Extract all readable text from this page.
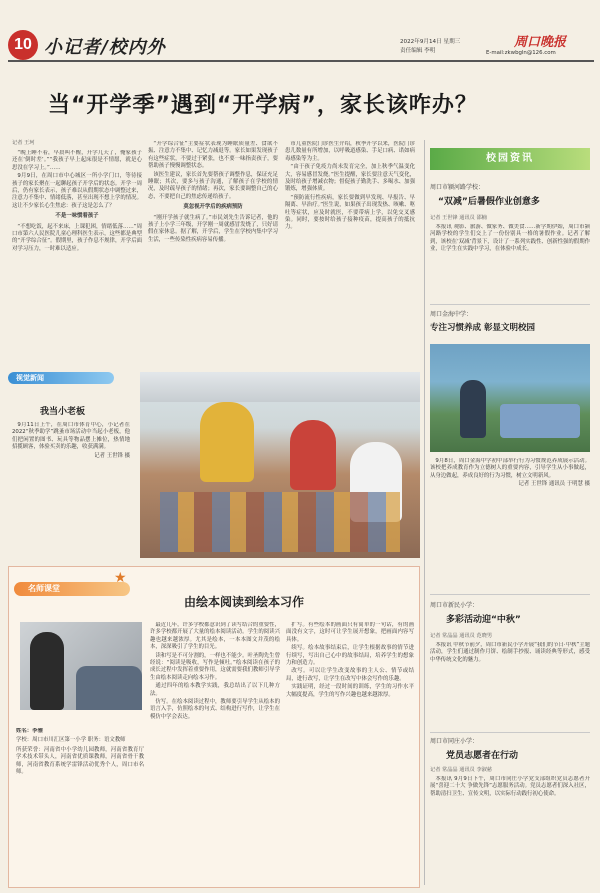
10 小记者/校内外	2022年9月14日 星期三
责任编辑 李明
周口晚报
E-mail:zkwbgln@126.com
当“开学季”遇到“开学病”，家长该咋办？
记者 王珂

“晚上睡不着，早晨叫不醒，开学几天了，俺家孩子还在‘倒时差’。”“我孩子早上起床很是不情愿，就是心思没在学习上。”……

9月9日，在周口市中心城区一所小学门口，等待接孩子的家长聚在一起聊起孩子开学后的状态。开学一周后，仍有家长表示，孩子难以从假期状态中调整过来，注意力不集中、情绪低落，甚至出现不想上学的情况。这让不少家长心生焦虑：孩子这是怎么了？

不是一味惯着孩子

“不想吃饭，起不来床，上课犯困，情绪低落……”周口市第六人民医院儿童心理科医生表示，这些都是典型的“开学综合征”。假期里，孩子作息不规律，开学后面对学习压力，一时难以适应。

“开学综合征”主要症状表现为睡眠质量差、食欲不振、注意力不集中、记忆力减退等。家长如果发现孩子有这些症状，不要过于紧张，也不要一味指责孩子，要帮助孩子慢慢调整状态。

该医生建议，家长首先要帮孩子调整作息，保证充足睡眠；其次，要多与孩子沟通，了解孩子在学校的情况，及时疏导孩子的情绪；再次，家长要调整自己的心态，不要把自己的焦虑传递给孩子。

莫忽视开学后的疾病预防

“刚开学孩子就生病了。”市民刘先生告诉记者，他的孩子上小学三年级，开学刚一周就感冒发烧了，只好请假在家休息。据了解，开学后，学生在学校内集中学习生活，一些传染性疾病容易传播。

市儿童医院门诊医生介绍，秋季开学以来，医院门诊患儿数量有所增加，以呼吸道感染、手足口病、诺如病毒感染等为主。

“由于孩子免疫力尚未发育完全，加上秋季气温变化大，容易感冒发烧。”医生提醒，家长要注意天气变化，及时给孩子增减衣物；督促孩子勤洗手、多喝水、加强锻炼，增强体质。

“预防流行性疾病，家长要做到早发现、早报告、早隔离、早治疗。”医生说，如果孩子出现发热、咳嗽、呕吐等症状，应及时就医，不要带病上学，以免交叉感染。同时，要按时给孩子接种疫苗，提高孩子的抵抗力。

视觉新闻
我当小老板

9月11日上午，在周口市体育中心，小记者在2022“秋季助学”跳蚤市场活动中当起小老板，他们把闲置的图书、玩具等物品摆上摊位，热情地招揽顾客，体验买卖的乐趣，收获满满。

记者 王世锋 摄
名师课堂
★
由绘本阅读到绘本习作
姓名：李雅
学校：周口市川汇区第一小学 职务：语文教师
所获荣誉：河南省中小学幼儿园教师，河南省教育厅学术技术带头人，河南省优质课教师，河南省骨干教师，河南省教育系统学雷锋活动优秀个人，周口市名师。

最近几年，许多学校都意识到了读写结合的重要性，许多学校都开展了大量的绘本阅读活动。学生的阅读兴趣也越来越浓厚。尤其是绘本，一本本图文并茂的绘本，深深吸引了学生的目光。

读和写是不可分割的，一样也不能少。叶圣陶先生曾经说：“阅读是吸收，写作是倾吐。”绘本阅读在孩子的成长过程中发挥着重要作用，这就需要我们教师引导学生由绘本阅读走向绘本习作。

通过四年的绘本教学实践，我总结出了以下几种方法。

仿写。在绘本阅读过程中，教师要引导学生从绘本的语言入手，仿照绘本的句式、结构进行写作，让学生在模仿中学会表达。

扩写。有些绘本的画面只有简单的一句话，有的画面没有文字，这时可让学生展开想象，把画面内容写具体。

续写。绘本故事结束后，让学生根据故事的情节进行续写，写出自己心中的故事结局，培养学生的想象力和创造力。

改写。可以让学生改变故事的主人公、情节或结局，进行改写，让学生在改写中体会写作的乐趣。

实践证明，经过一段时间的训练，学生的习作水平大幅度提高，学生的写作兴趣也越来越浓厚。

校园资讯
周口市颍河路学校：
“双减”后暑假作业创意多
记者 王世锋 通讯员 邵楠

本报讯 观影、旅游、做家务、做美食……新学期伊始，周口市颍河路学校的学生们交上了一份份别具一格的暑假作业。记者了解到，该校在‘双减’背景下，设计了一系列实践性、创新性强的假期作业，让学生在实践中学习，在体验中成长。

周口金海中学：
专注习惯养成 彰显文明校园

9月8日，周口金海中学初中部举行行为习惯规范养成展示活动。该校把养成教育作为立德树人的重要内容，引导学生从小事做起，从身边做起，养成良好的行为习惯，树立文明新风。

记者 王世锋 通讯员 于明慧 摄
周口市新民小学：
多彩活动迎“中秋”
记者 常晶晶 通讯员 范晓男

本报讯 中秋节前夕，周口市新民小学开展“我们的节日·中秋”主题活动，学生们通过制作月饼、绘制手抄报、诵读经典等形式，感受中华传统文化的魅力。

周口市同庄小学：
党员志愿者在行动
记者 常晶晶 通讯员 李淑慈

本报讯 9月9日下午，周口市同庄小学党支部组织党员志愿者开展“喜迎二十大 争做先锋”志愿服务活动。党员志愿者们深入社区，帮助清扫卫生、宣传文明，以实际行动践行初心使命。
